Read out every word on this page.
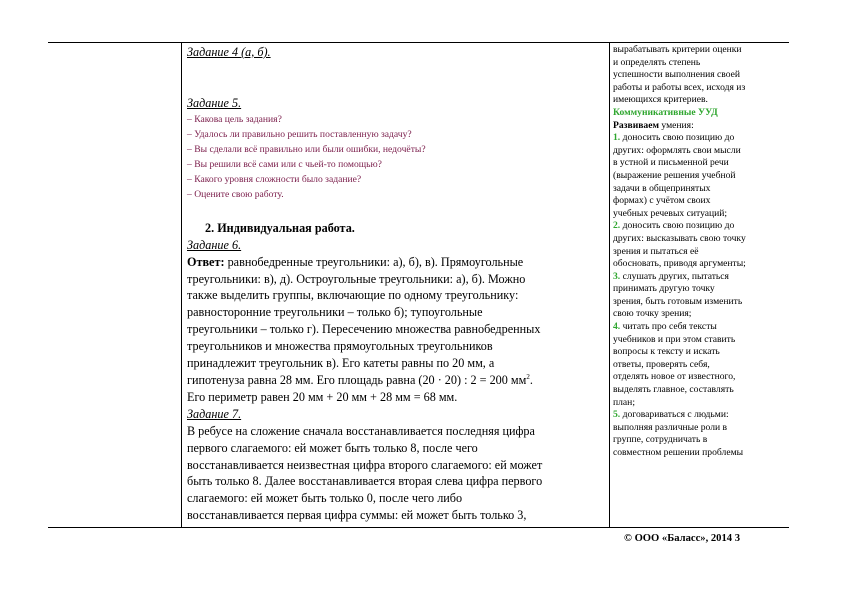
Задание 4 (а, б).

Задание 5.

– Какова цель задания?

– Удалось ли правильно решить поставленную задачу?

– Вы сделали всё правильно или были ошибки, недочёты?

– Вы решили всё сами или с чьей-то помощью?

– Какого уровня сложности было задание?

– Оцените свою работу.

2. Индивидуальная работа.

Задание 6.

Ответ: равнобедренные треугольники: а), б), в). Прямоугольные

треугольники: в), д). Остроугольные треугольники: а), б). Можно

также выделить группы, включающие по одному треугольнику:

равносторонние треугольники – только б); тупоугольные

треугольники – только г). Пересечению множества равнобедренных

треугольников и множества прямоугольных треугольников

принадлежит треугольник в). Его катеты равны по 20 мм, а

гипотенуза равна 28 мм. Его площадь равна (20 · 20) : 2 = 200 $мм^2$.

Его периметр равен 20 мм + 20 мм + 28 мм = 68 мм.

Задание 7.

В ребусе на сложение сначала восстанавливается последняя цифра

первого слагаемого: ей может быть только 8, после чего

восстанавливается неизвестная цифра второго слагаемого: ей может

быть только 8. Далее восстанавливается вторая слева цифра первого

слагаемого: ей может быть только 0, после чего либо

восстанавливается первая цифра суммы: ей может быть только 3,

вырабатывать критерии оценки

и определять степень

успешности выполнения своей

работы и работы всех, исходя из

имеющихся критериев.

Коммуникативные УУД

Развиваем умения:

1. доносить свою позицию до

других: оформлять свои мысли

в устной и письменной речи

(выражение решения учебной

задачи в общепринятых

формах) с учётом своих

учебных речевых ситуаций;

2. доносить свою позицию до

других: высказывать свою точку

зрения и пытаться её

обосновать, приводя аргументы;

3. слушать других, пытаться

принимать другую точку

зрения, быть готовым изменить

свою точку зрения;

4. читать про себя тексты

учебников и при этом ставить

вопросы к тексту и искать

ответы, проверять себя,

отделять новое от известного,

выделять главное, составлять

план;

5. договариваться с людьми:

выполняя различные роли в

группе, сотрудничать в

совместном решении проблемы

© ООО «Баласс», 2014 3
